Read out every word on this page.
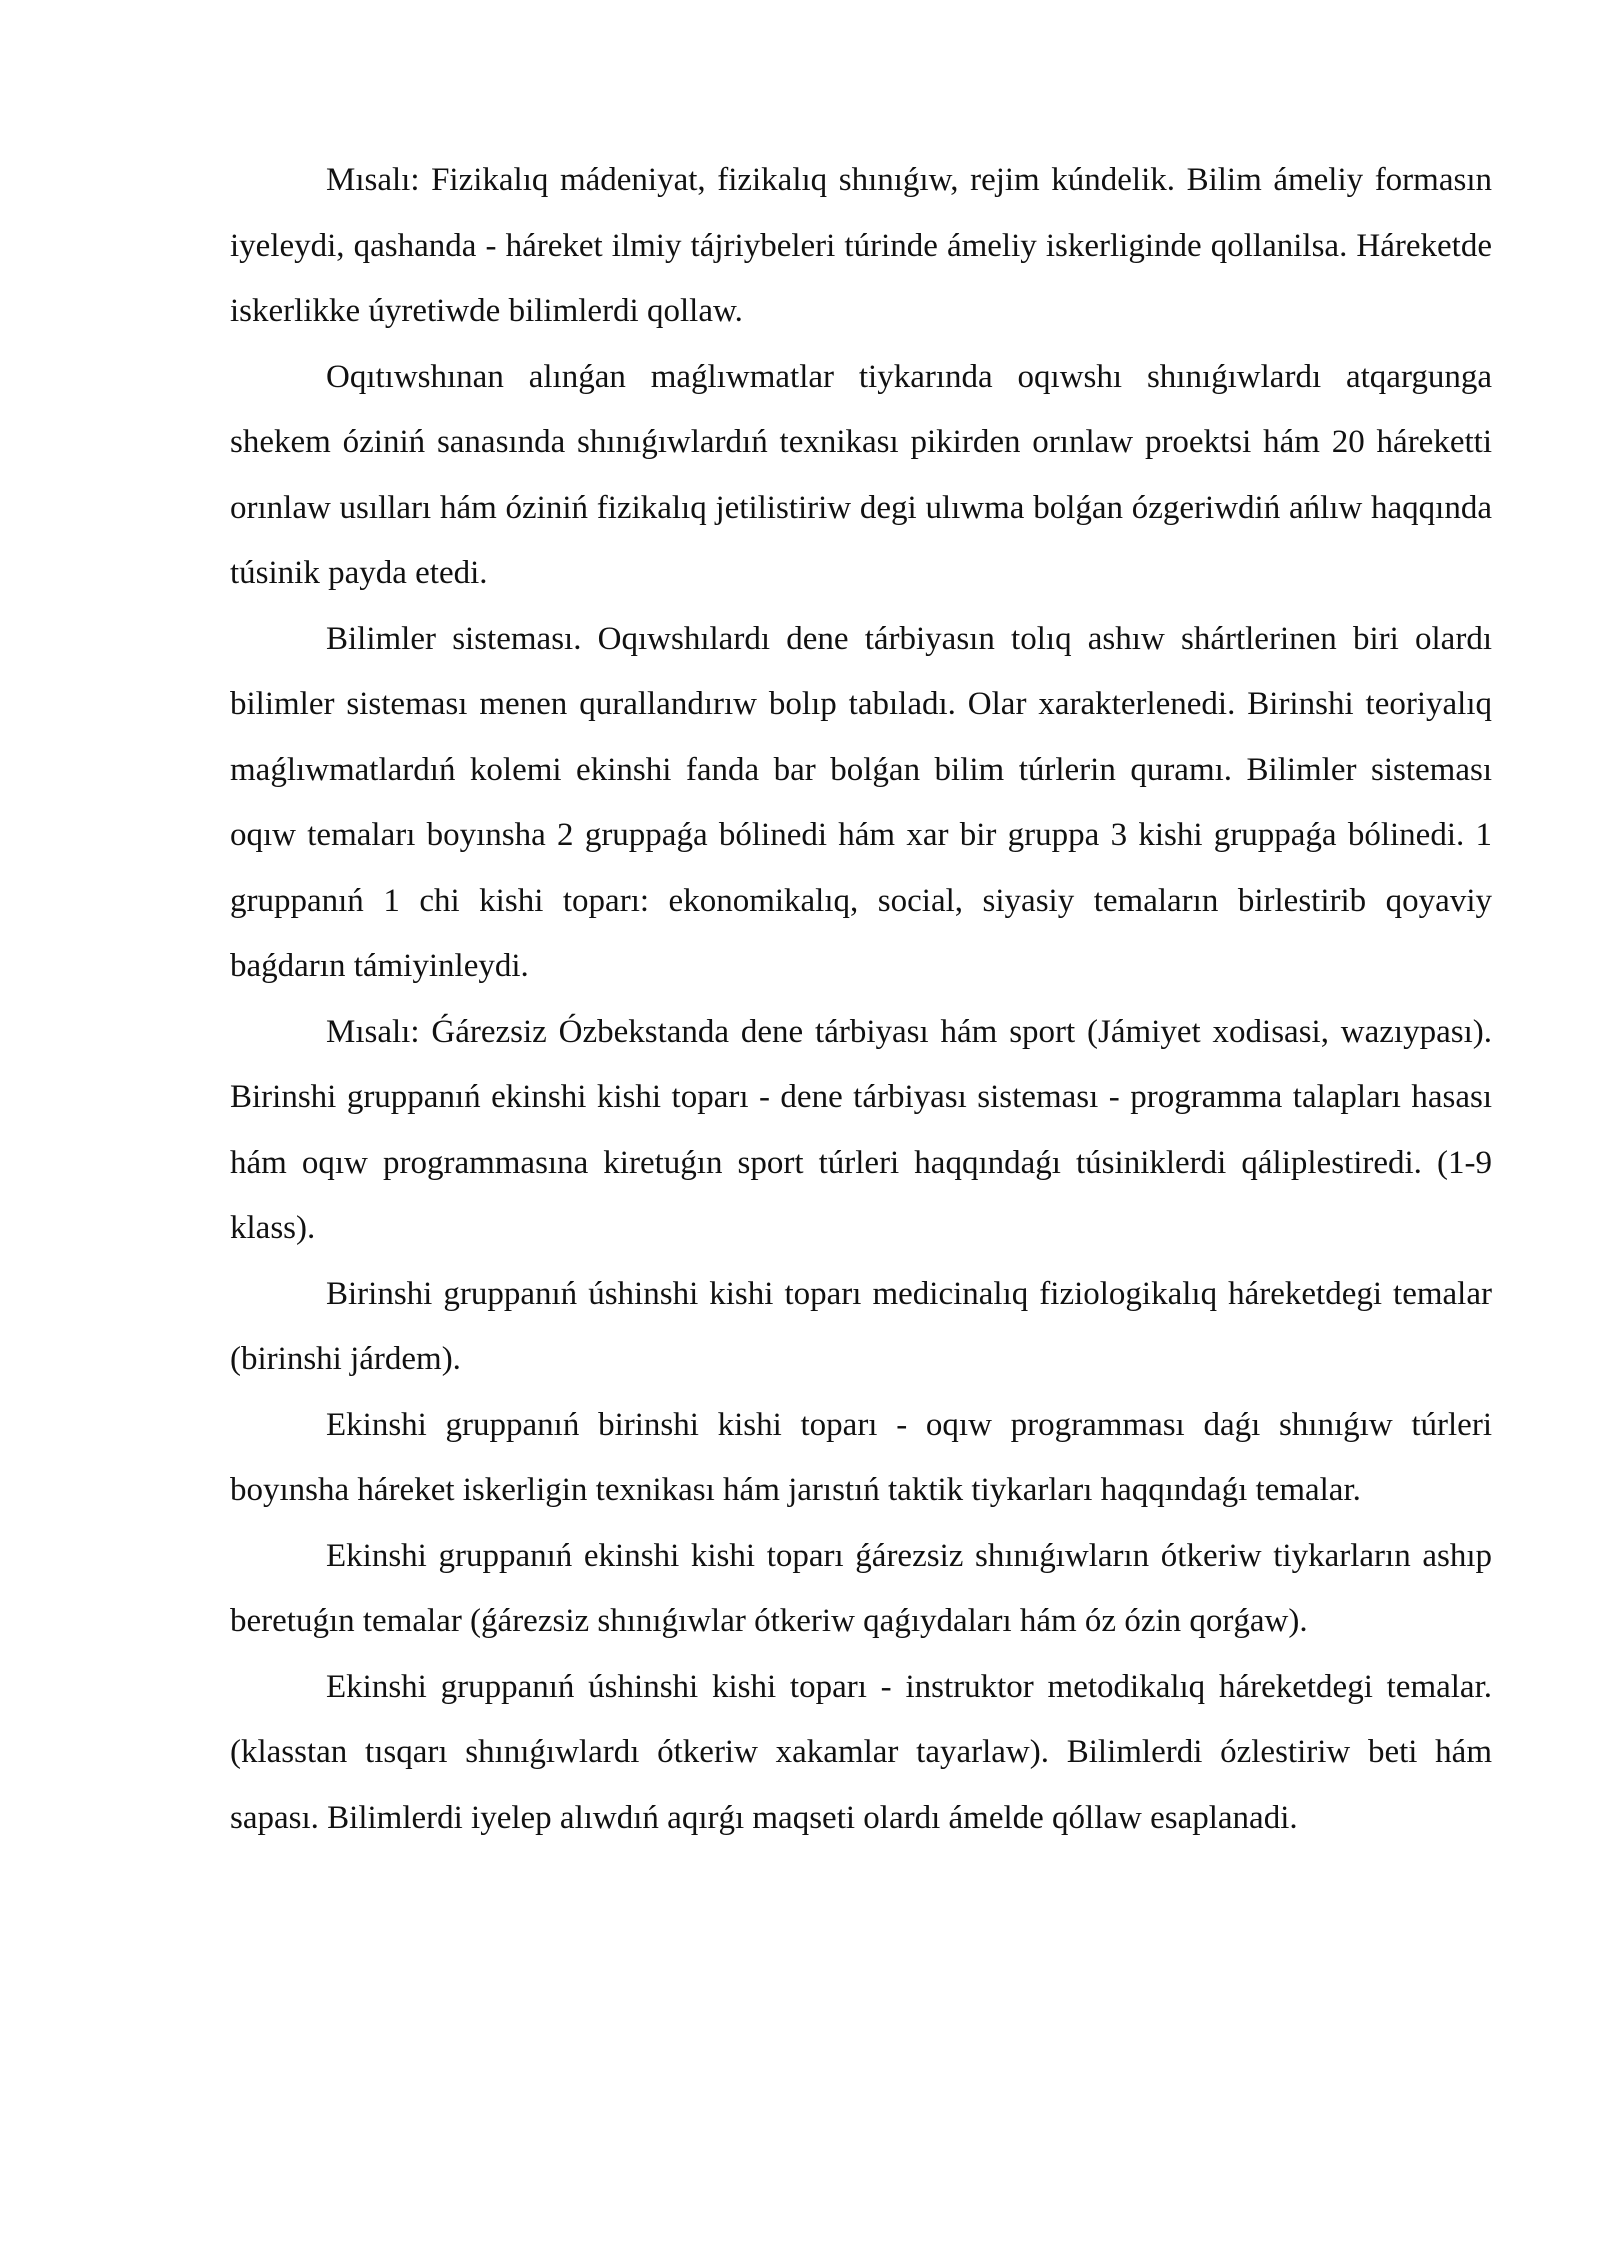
Mısalı: Fizikalıq mádeniyat, fizikalıq shınıǵıw, rejim kúndelik. Bilim ámeliy formasın iyeleydi, qashanda - háreket ilmiy tájriybeleri túrinde ámeliy iskerliginde qollanilsa. Háreketde iskerlikke úyretiwde bilimlerdi qollaw.

Oqıtıwshınan alınǵan maǵlıwmatlar tiykarında oqıwshı shınıǵıwlardı atqargunga shekem óziniń sanasında shınıǵıwlardıń texnikası pikirden orınlaw proektsi hám 20 háreketti orınlaw usılları hám óziniń fizikalıq jetilistiriw degi ulıwma bolǵan ózgeriwdiń ańlıw haqqında túsinik payda etedi.

Bilimler sisteması. Oqıwshılardı dene tárbiyasın tolıq ashıw shártlerinen biri olardı bilimler sisteması menen qurallandırıw bolıp tabıladı. Olar xarakterlenedi. Birinshi teoriyalıq maǵlıwmatlardıń kolemi ekinshi fanda bar bolǵan bilim túrlerin quramı. Bilimler sisteması oqıw temaları boyınsha 2 gruppaǵa bólinedi hám xar bir gruppa 3 kishi gruppaǵa bólinedi. 1 gruppanıń 1 chi kishi toparı: ekonomikalıq, social, siyasiy temaların birlestirib qoyaviy baǵdarın támiyinleydi.

Mısalı: Ǵárezsiz Ózbekstanda dene tárbiyası hám sport (Jámiyet xodisasi, wazıypası). Birinshi gruppanıń ekinshi kishi toparı - dene tárbiyası sisteması - programma talapları hasası hám oqıw programmasına kiretuǵın sport túrleri haqqındaǵı túsiniklerdi qáliplestiredi. (1-9 klass).

Birinshi gruppanıń úshinshi kishi toparı medicinalıq fiziologikalıq háreketdegi temalar (birinshi járdem).

Ekinshi gruppanıń birinshi kishi toparı - oqıw programması daǵı shınıǵıw túrleri boyınsha háreket iskerligin texnikası hám jarıstıń taktik tiykarları haqqındaǵı temalar.

Ekinshi gruppanıń ekinshi kishi toparı ǵárezsiz shınıǵıwların ótkeriw tiykarların ashıp beretuǵın temalar (ǵárezsiz shınıǵıwlar ótkeriw qaǵıydaları hám óz ózin qorǵaw).

Ekinshi gruppanıń úshinshi kishi toparı - instruktor metodikalıq háreketdegi temalar. (klasstan tısqarı shınıǵıwlardı ótkeriw xakamlar tayarlaw). Bilimlerdi ózlestiriw beti hám sapası. Bilimlerdi iyelep alıwdıń aqırǵı maqseti olardı ámelde qóllaw esaplanadi.
